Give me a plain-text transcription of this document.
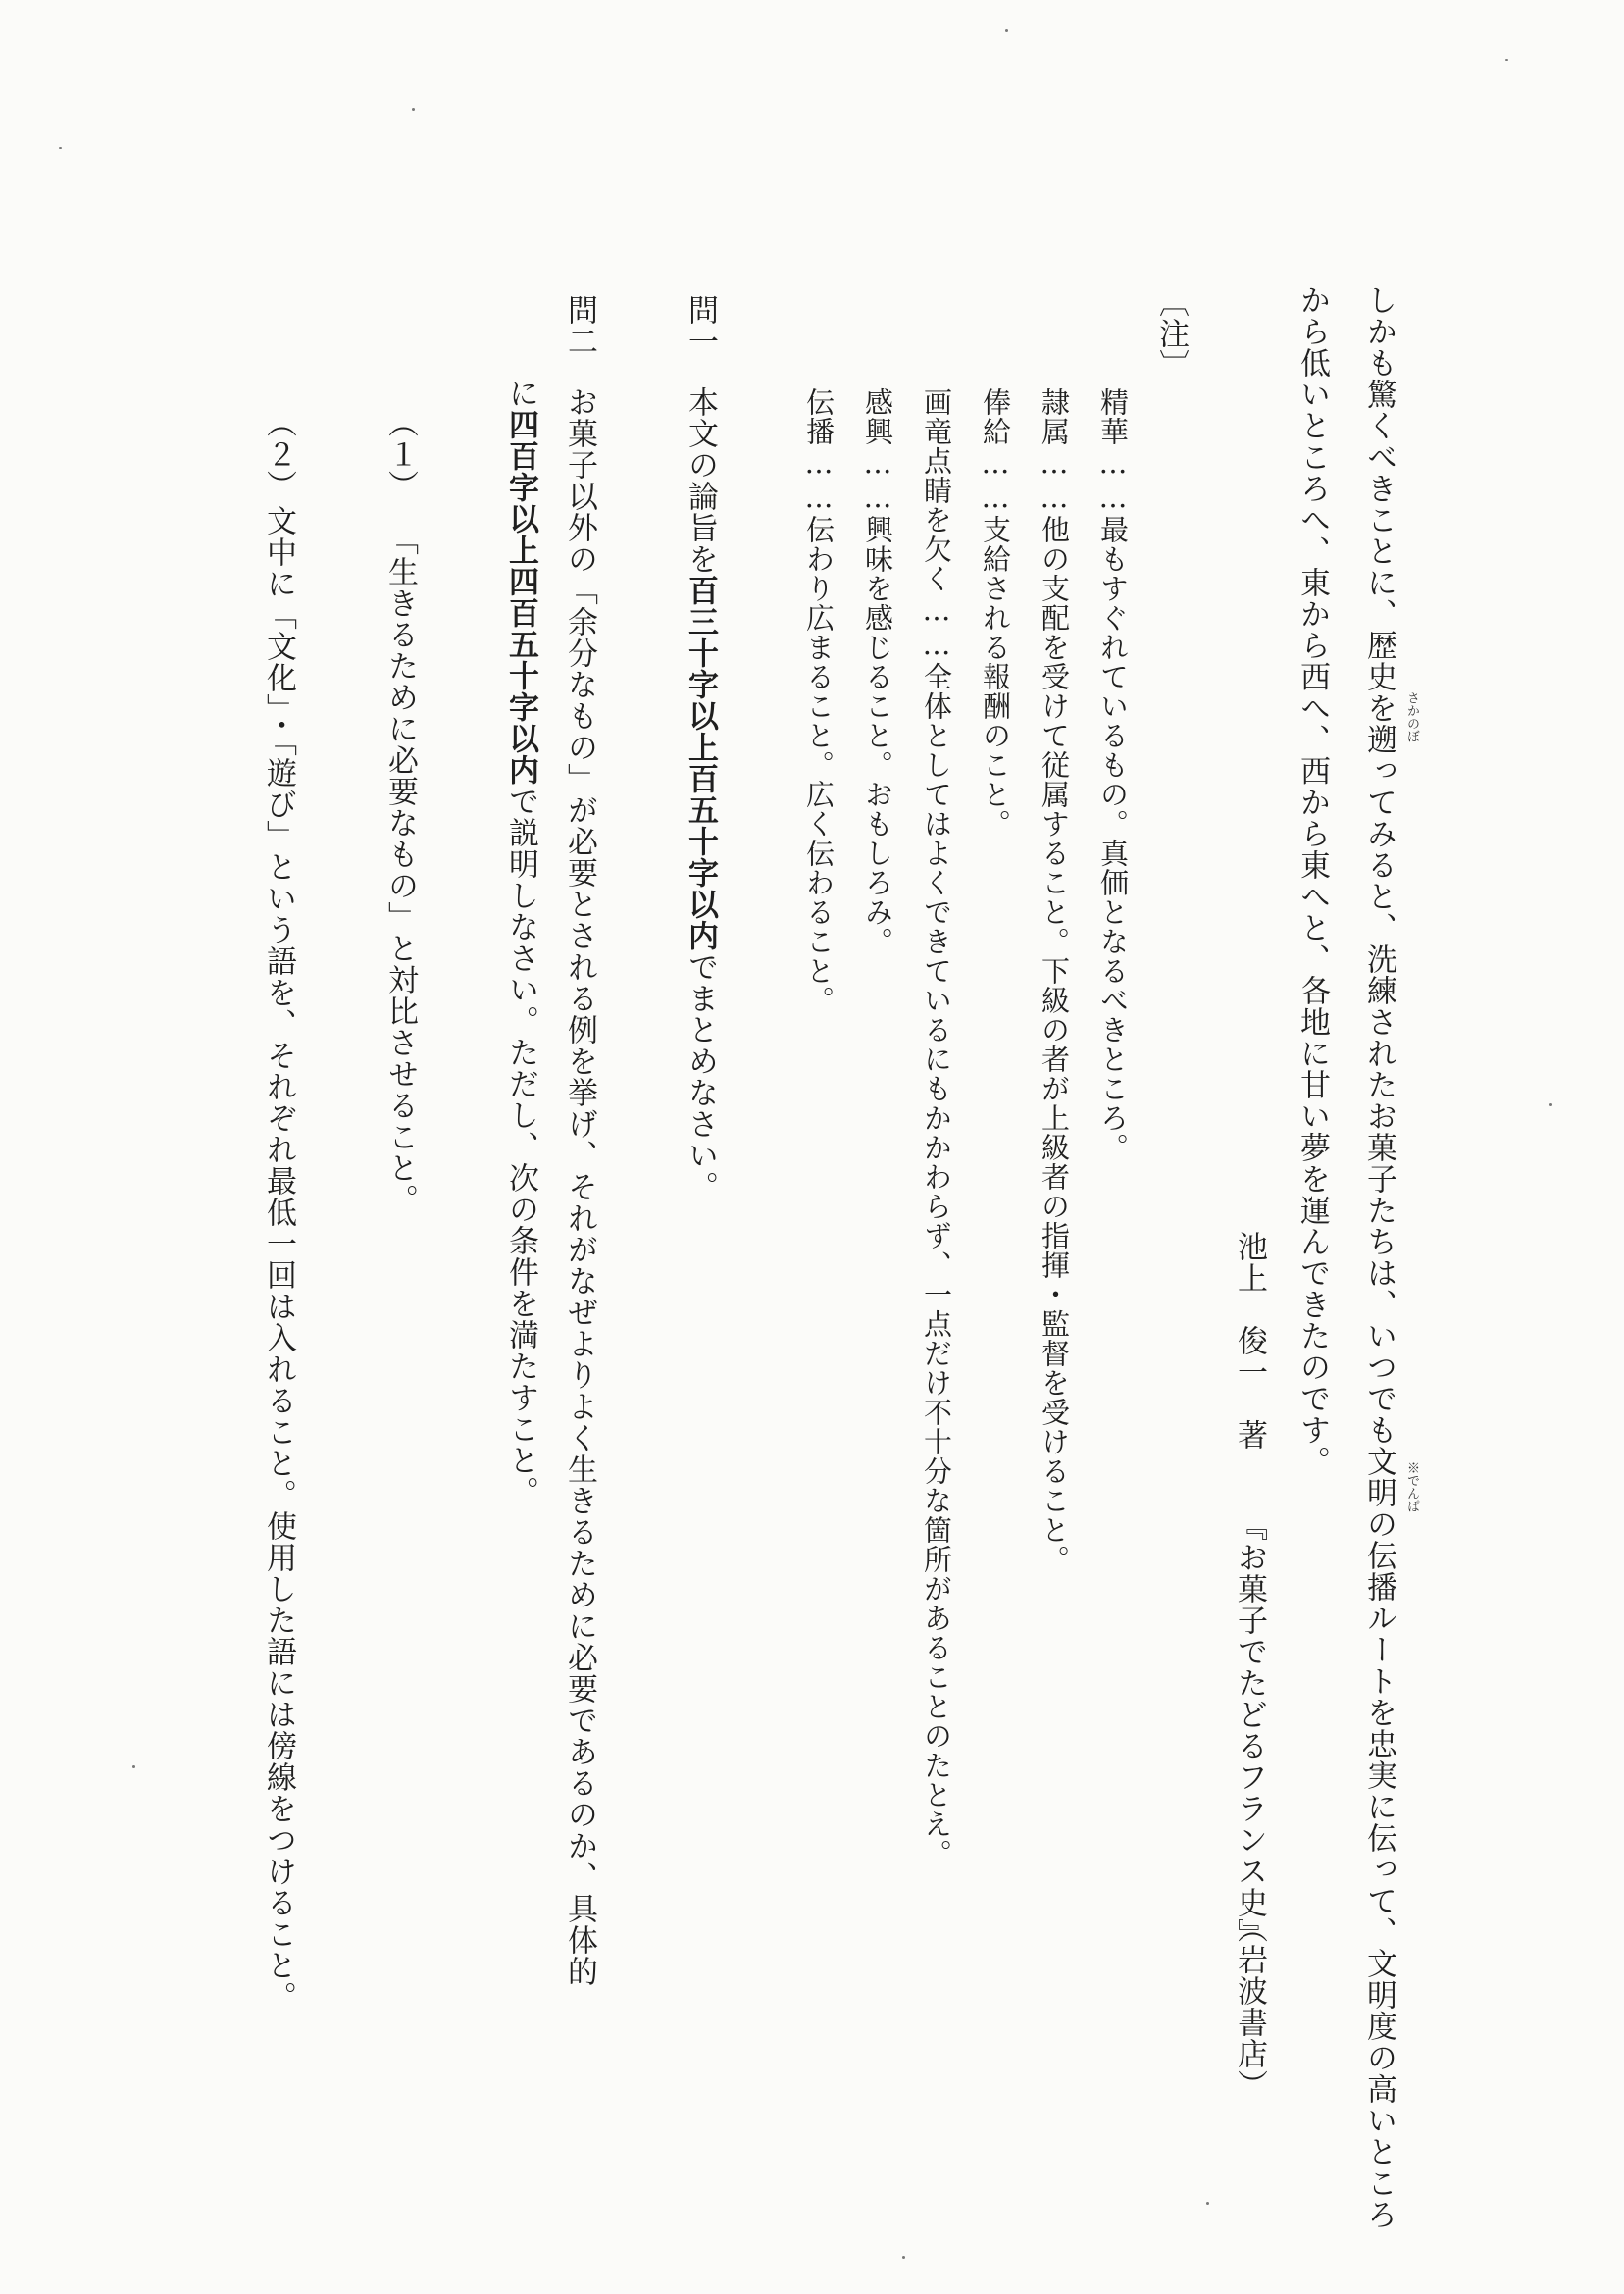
しかも驚くべきことに、歴史を遡ってみると、洗練されたお菓子たちは、いつでも文明の伝播ルートを忠実に伝って、文明度の高いところ さかのぼ
※でんぱ
から低いところへ、東から西へ、西から東へと、各地に甘い夢を運んできたのです。
池上　俊一　著
『お菓子でたどるフランス史』
（岩波書店）
〔注〕
精華……最もすぐれているもの。真価となるべきところ。
隷属……他の支配を受けて従属すること。下級の者が上級者の指揮・監督を受けること。
俸給……支給される報酬のこと。
画竜点睛を欠く……全体としてはよくできているにもかかわらず、一点だけ不十分な箇所があることのたとえ。
感興……興味を感じること。おもしろみ。
伝播……伝わり広まること。広く伝わること。
問一本文の論旨を百三十字以上百五十字以内でまとめなさい。
問二お菓子以外の「余分なもの」が必要とされる例を挙げ、それがなぜよりよく生きるために必要であるのか、具体的
に四百字以上四百五十字以内で説明しなさい。ただし、次の条件を満たすこと。
（１）
「生きるために必要なもの」と対比させること。
（２）
文中に「文化」・「遊び」という語を、それぞれ最低一回は入れること。使用した語には傍線をつけること。
